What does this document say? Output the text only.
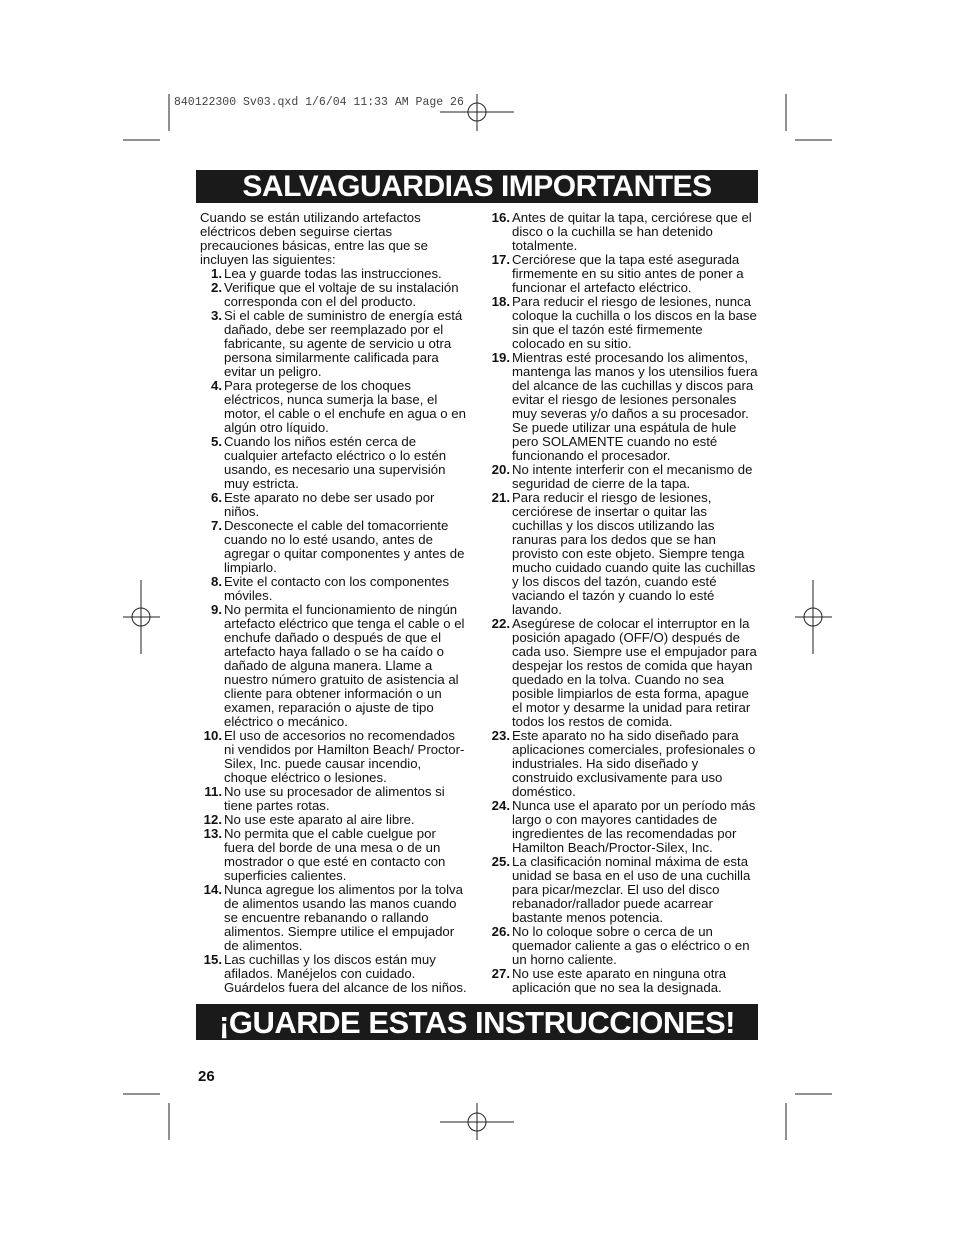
840122300 Sv03.qxd 1/6/04 11:33 AM Page 26
SALVAGUARDIAS IMPORTANTES

Cuando se están utilizando artefactos eléctricos deben seguirse ciertas precauciones básicas, entre las que se incluyen las siguientes:

1. Lea y guarde todas las instrucciones.
2. Verifique que el voltaje de su instalación corresponda con el del producto.
3. Si el cable de suministro de energía está dañado, debe ser reemplazado por el fabricante, su agente de servicio u otra persona similarmente calificada para evitar un peligro.
4. Para protegerse de los choques eléctricos, nunca sumerja la base, el motor, el cable o el enchufe en agua o en algún otro líquido.
5. Cuando los niños estén cerca de cualquier artefacto eléctrico o lo estén usando, es necesario una supervisión muy estricta.
6. Este aparato no debe ser usado por niños.
7. Desconecte el cable del tomacorriente cuando no lo esté usando, antes de agregar o quitar componentes y antes de limpiarlo.
8. Evite el contacto con los componentes móviles.
9. No permita el funcionamiento de ningún artefacto eléctrico que tenga el cable o el enchufe dañado o después de que el artefacto haya fallado o se ha caído o dañado de alguna manera. Llame a nuestro número gratuito de asistencia al cliente para obtener información o un examen, reparación o ajuste de tipo eléctrico o mecánico.
10. El uso de accesorios no recomendados ni vendidos por Hamilton Beach/ Proctor-Silex, Inc. puede causar incendio, choque eléctrico o lesiones.
11. No use su procesador de alimentos si tiene partes rotas.
12. No use este aparato al aire libre.
13. No permita que el cable cuelgue por fuera del borde de una mesa o de un mostrador o que esté en contacto con superficies calientes.
14. Nunca agregue los alimentos por la tolva de alimentos usando las manos cuando se encuentre rebanando o rallando alimentos. Siempre utilice el empujador de alimentos.
15. Las cuchillas y los discos están muy afilados. Manéjelos con cuidado. Guárdelos fuera del alcance de los niños.
16. Antes de quitar la tapa, cerciórese que el disco o la cuchilla se han detenido totalmente.
17. Cerciórese que la tapa esté asegurada firmemente en su sitio antes de poner a funcionar el artefacto eléctrico.
18. Para reducir el riesgo de lesiones, nunca coloque la cuchilla o los discos en la base sin que el tazón esté firmemente colocado en su sitio.
19. Mientras esté procesando los alimentos, mantenga las manos y los utensilios fuera del alcance de las cuchillas y discos para evitar el riesgo de lesiones personales muy severas y/o daños a su procesador. Se puede utilizar una espátula de hule pero SOLAMENTE cuando no esté funcionando el procesador.
20. No intente interferir con el mecanismo de seguridad de cierre de la tapa.
21. Para reducir el riesgo de lesiones, cerciórese de insertar o quitar las cuchillas y los discos utilizando las ranuras para los dedos que se han provisto con este objeto. Siempre tenga mucho cuidado cuando quite las cuchillas y los discos del tazón, cuando esté vaciando el tazón y cuando lo esté lavando.
22. Asegúrese de colocar el interruptor en la posición apagado (OFF/O) después de cada uso. Siempre use el empujador para despejar los restos de comida que hayan quedado en la tolva. Cuando no sea posible limpiarlos de esta forma, apague el motor y desarme la unidad para retirar todos los restos de comida.
23. Este aparato no ha sido diseñado para aplicaciones comerciales, profesionales o industriales. Ha sido diseñado y construido exclusivamente para uso doméstico.
24. Nunca use el aparato por un período más largo o con mayores cantidades de ingredientes de las recomendadas por Hamilton Beach/Proctor-Silex, Inc.
25. La clasificación nominal máxima de esta unidad se basa en el uso de una cuchilla para picar/mezclar. El uso del disco rebanador/rallador puede acarrear bastante menos potencia.
26. No lo coloque sobre o cerca de un quemador caliente a gas o eléctrico o en un horno caliente.
27. No use este aparato en ninguna otra aplicación que no sea la designada.
¡GUARDE ESTAS INSTRUCCIONES!
26
